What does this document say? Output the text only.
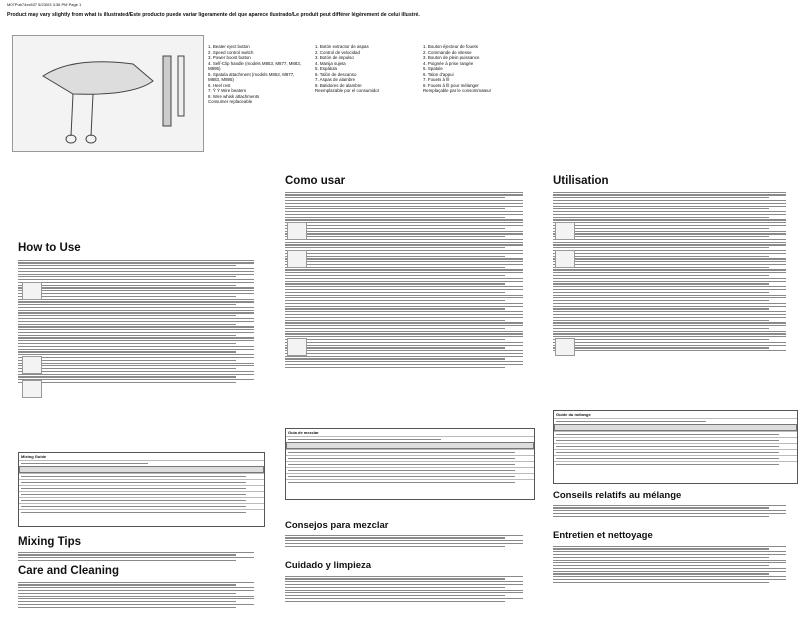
M07Pub74xx837 5/23/03 3:36 PM Page 1
Product may vary slightly from what is illustrated/Este producto puede variar ligeramente del que aparece ilustrado/Le produit peut différer légèrement de celui illustré.
1. Beater eject button
2. Speed control switch
3. Power boost button
4. Self-Clip handle (models M853, M877, M883, M895)
5. Spatula attachment (models M853, M877, M883, M895)
6. Heel rest
7. Ÿ Ý Wire beaters
8. Wire whisk attachments
Consumer replaceable
1. Botón extractor de aspas
2. Control de velocidad
3. Botón de impulso
4. Manija sujeta
5. Espátula
6. Talón de descanso
7. Aspas de alambre
8. Batidores de alambre
Reemplazable por el consumidor
1. Bouton éjecteur de fouets
2. Commande de vitesse
3. Bouton de plein puissance
4. Poignée à prise rangée
5. Spatule
6. Talon d'appui
7. Fouets à fil
8. Fouets à fil pour mélanger
Remplaçable par le consommateur
How to Use
Mixing Guide
Mixing Tips
Care and Cleaning
Como usar
Guía de mezclar
Consejos para mezclar
Cuidado y limpieza
Utilisation
Guide du mélange
Conseils relatifs au mélange
Entretien et nettoyage
